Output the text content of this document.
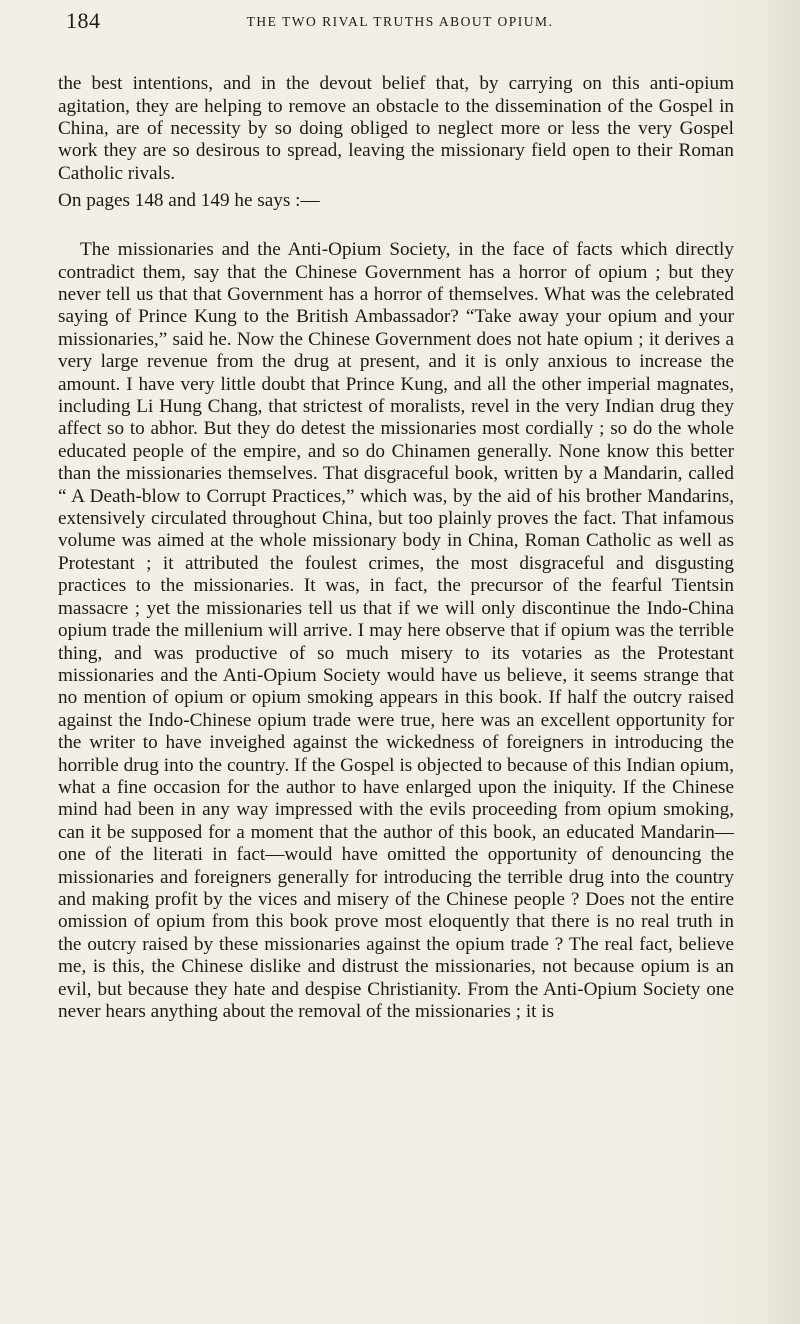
184	THE TWO RIVAL TRUTHS ABOUT OPIUM.

the best intentions, and in the devout belief that, by carrying on this anti-opium agitation, they are helping to remove an obstacle to the dissemination of the Gospel in China, are of necessity by so doing obliged to neglect more or less the very Gospel work they are so desirous to spread, leaving the missionary field open to their Roman Catholic rivals.

On pages 148 and 149 he says :—

The missionaries and the Anti-Opium Society, in the face of facts which directly contradict them, say that the Chinese Government has a horror of opium ; but they never tell us that that Government has a horror of themselves. What was the celebrated saying of Prince Kung to the British Ambassador? “Take away your opium and your missionaries,” said he. Now the Chinese Government does not hate opium ; it derives a very large revenue from the drug at present, and it is only anxious to increase the amount. I have very little doubt that Prince Kung, and all the other imperial magnates, including Li Hung Chang, that strictest of moralists, revel in the very Indian drug they affect so to abhor. But they do detest the missionaries most cordially ; so do the whole educated people of the empire, and so do Chinamen generally. None know this better than the missionaries themselves. That disgraceful book, written by a Mandarin, called “ A Death-blow to Corrupt Practices,” which was, by the aid of his brother Mandarins, extensively circulated throughout China, but too plainly proves the fact. That infamous volume was aimed at the whole missionary body in China, Roman Catholic as well as Protestant ; it attributed the foulest crimes, the most disgraceful and disgusting practices to the missionaries. It was, in fact, the precursor of the fearful Tientsin massacre ; yet the missionaries tell us that if we will only discontinue the Indo-China opium trade the millenium will arrive. I may here observe that if opium was the terrible thing, and was productive of so much misery to its votaries as the Protestant missionaries and the Anti-Opium Society would have us believe, it seems strange that no mention of opium or opium smoking appears in this book. If half the outcry raised against the Indo-Chinese opium trade were true, here was an excellent opportunity for the writer to have inveighed against the wickedness of foreigners in introducing the horrible drug into the country. If the Gospel is objected to because of this Indian opium, what a fine occasion for the author to have enlarged upon the iniquity. If the Chinese mind had been in any way impressed with the evils proceeding from opium smoking, can it be supposed for a moment that the author of this book, an educated Mandarin—one of the literati in fact—would have omitted the opportunity of denouncing the missionaries and foreigners generally for introducing the terrible drug into the country and making profit by the vices and misery of the Chinese people ? Does not the entire omission of opium from this book prove most eloquently that there is no real truth in the outcry raised by these missionaries against the opium trade ? The real fact, believe me, is this, the Chinese dislike and distrust the missionaries, not because opium is an evil, but because they hate and despise Christianity. From the Anti-Opium Society one never hears anything about the removal of the missionaries ; it is
